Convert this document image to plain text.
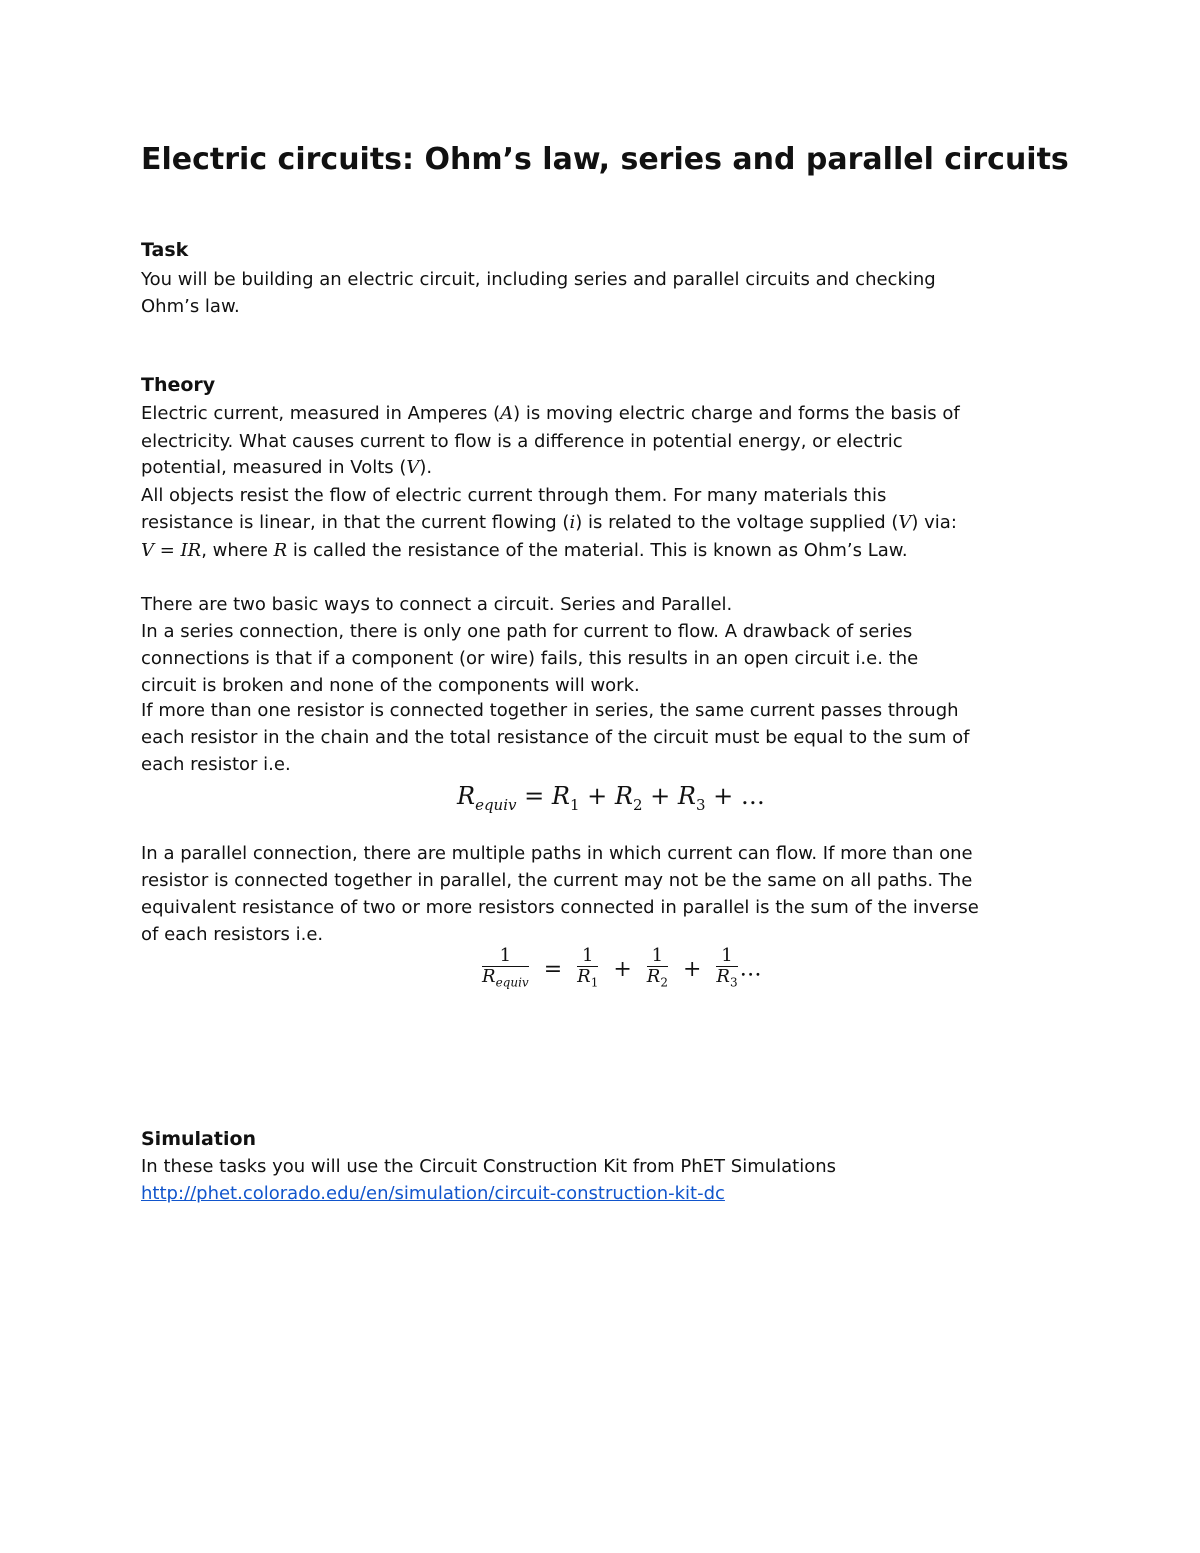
Electric circuits: Ohm’s law, series and parallel circuits
Task
You will be building an electric circuit, including series and parallel circuits and checking
Ohm’s law.
Theory
Electric current, measured in Amperes (A) is moving electric charge and forms the basis of
electricity. What causes current to flow is a difference in potential energy, or electric
potential, measured in Volts (V).
All objects resist the flow of electric current through them. For many materials this
resistance is linear, in that the current flowing (i) is related to the voltage supplied (V) via:
V = IR, where R is called the resistance of the material. This is known as Ohm’s Law.
There are two basic ways to connect a circuit. Series and Parallel.
In a series connection, there is only one path for current to flow. A drawback of series
connections is that if a component (or wire) fails, this results in an open circuit i.e. the
circuit is broken and none of the components will work.
If more than one resistor is connected together in series, the same current passes through
each resistor in the chain and the total resistance of the circuit must be equal to the sum of
each resistor i.e.
$R_{equiv} = R_1 + R_2 + R_3$ + …
In a parallel connection, there are multiple paths in which current can flow. If more than one
resistor is connected together in parallel, the current may not be the same on all paths. The
equivalent resistance of two or more resistors connected in parallel is the sum of the inverse
of each resistors i.e.
$\frac{1}{R_{equiv}} = \frac{1}{R_1} + \frac{1}{R_2} + \frac{1}{R_3}$ …
Simulation
In these tasks you will use the Circuit Construction Kit from PhET Simulations
http://phet.colorado.edu/en/simulation/circuit-construction-kit-dc
